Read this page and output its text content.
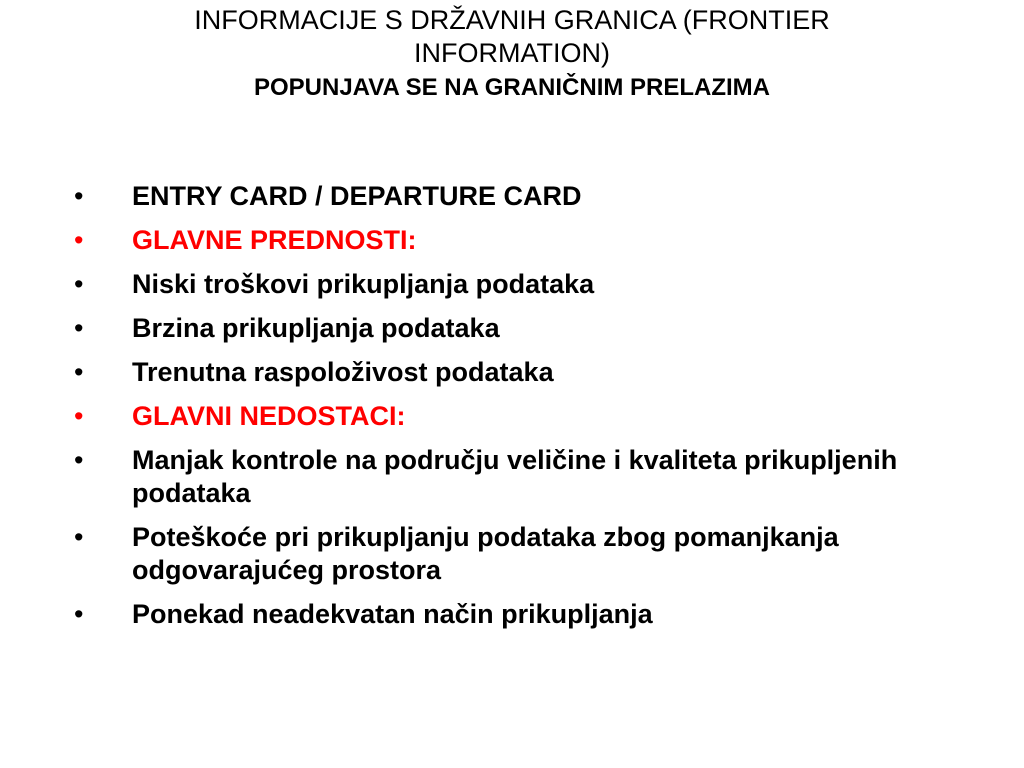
INFORMACIJE S DRŽAVNIH GRANICA (FRONTIER
INFORMATION)
POPUNJAVA SE NA GRANIČNIM PRELAZIMA
• ENTRY CARD / DEPARTURE CARD
• GLAVNE PREDNOSTI:
• Niski troškovi prikupljanja podataka
• Brzina prikupljanja podataka
• Trenutna raspoloživost podataka
• GLAVNI NEDOSTACI:
• Manjak kontrole na području veličine i kvaliteta prikupljenih podataka
• Poteškoće pri prikupljanju podataka zbog pomanjkanja odgovarajućeg prostora
• Ponekad neadekvatan način prikupljanja
